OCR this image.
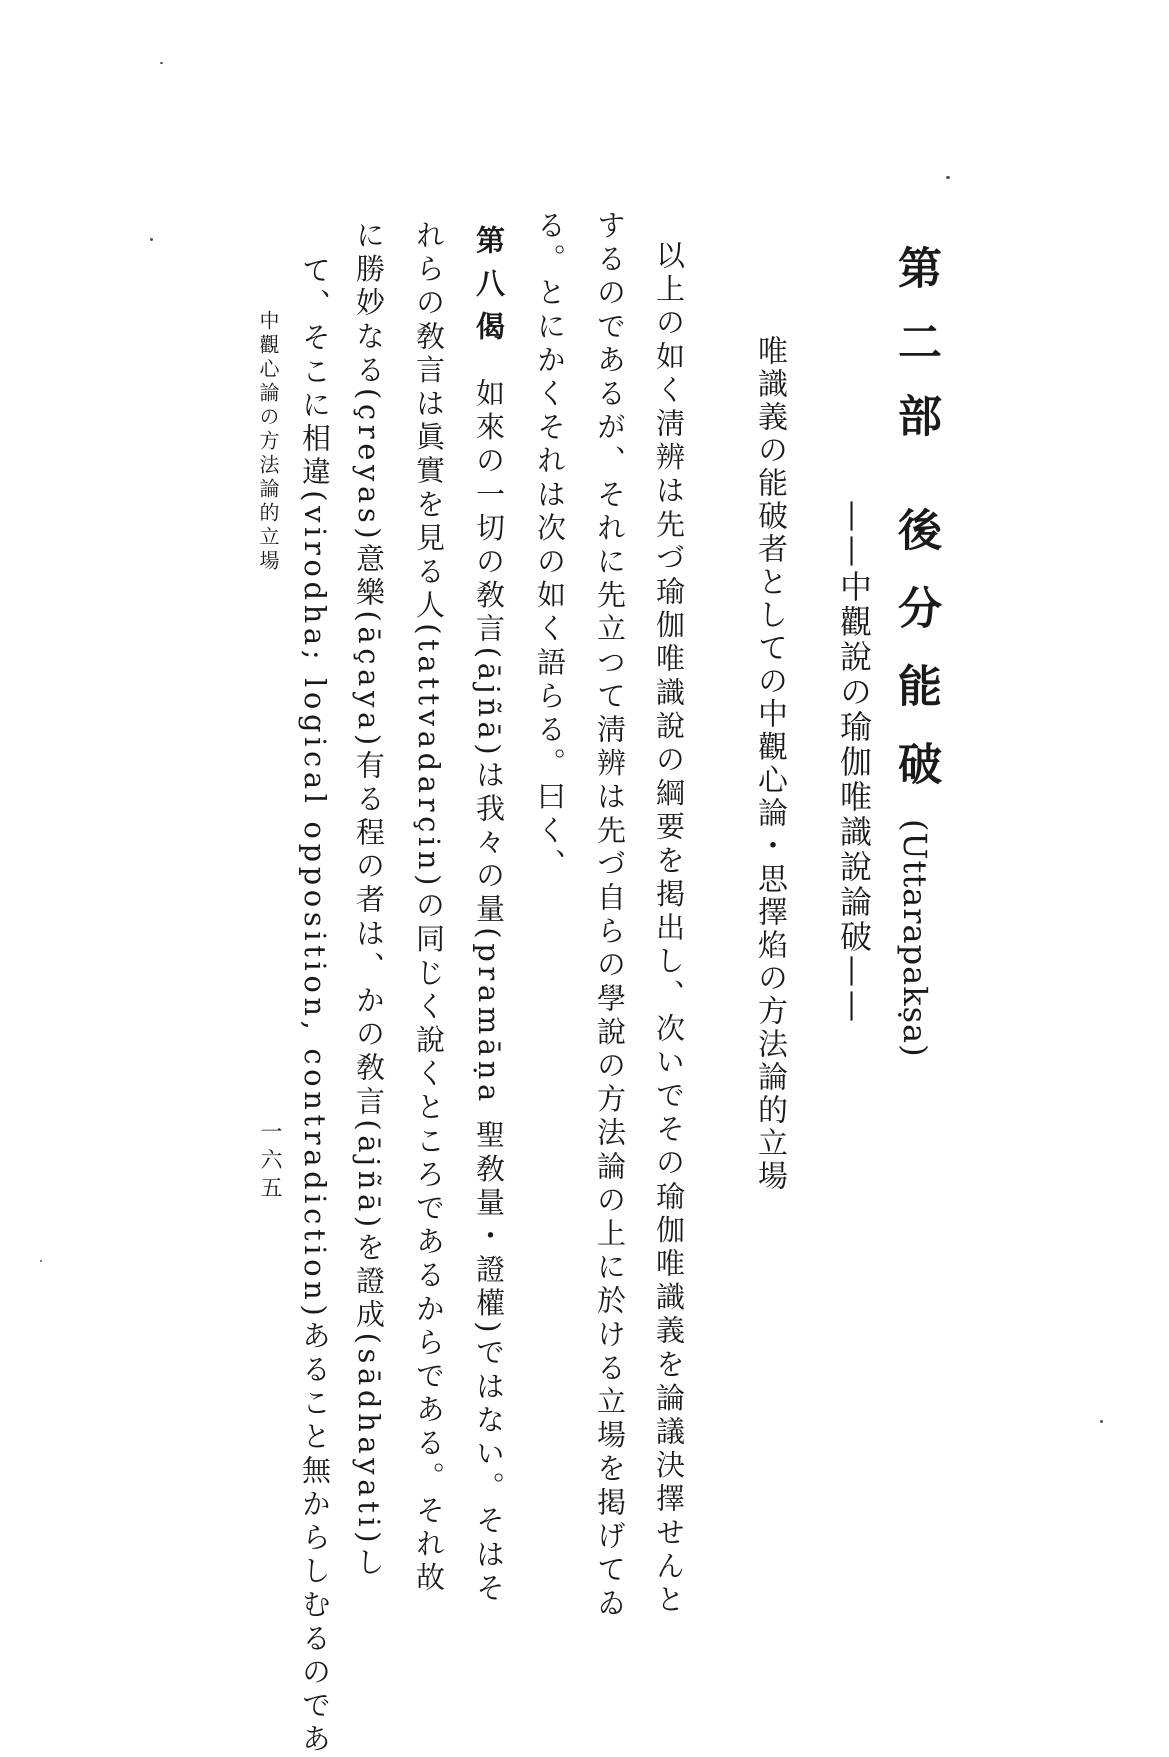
第二部後分能破(Uttarapakṣa)
——中觀說の瑜伽唯識說論破——
唯識義の能破者としての中觀心論・思擇焰の方法論的立場
以上の如く淸辨は先づ瑜伽唯識說の綱要を掲出し、次いでその瑜伽唯識義を論議決擇せんと
するのであるが、それに先立つて淸辨は先づ自らの學說の方法論の上に於ける立場を掲げてゐ
る。とにかくそれは次の如く語らる。曰く、
第八偈如來の一切の敎言(ājñā)は我々の量(pramāṇa 聖敎量・證權)ではない。そはそ
れらの敎言は眞實を見る人(tattvadarçin)の同じく說くところであるからである。それ故
に勝妙なる(çreyas)意樂(āçaya)有る程の者は、かの敎言(ājñā)を證成(sādhayati)し
て、そこに相違(virodha; logical opposition, contradiction)あること無からしむるのであ
中觀心論の方法論的立場
一六五
